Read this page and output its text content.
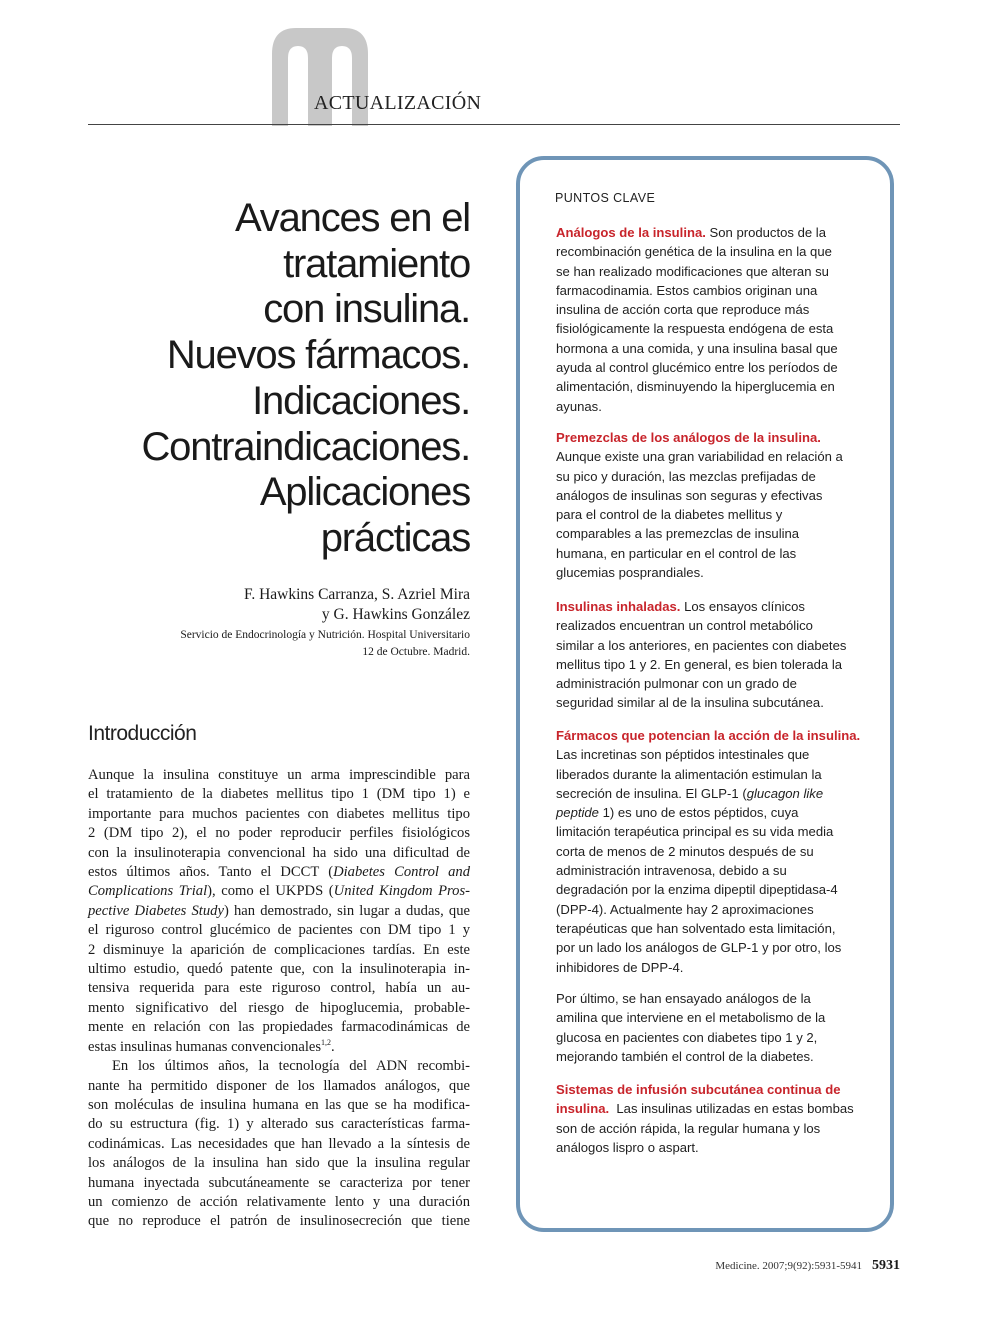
ACTUALIZACIÓN
Avances en el
tratamiento
con insulina.
Nuevos fármacos.
Indicaciones.
Contraindicaciones.
Aplicaciones
prácticas
F. Hawkins Carranza, S. Azriel Mira
y G. Hawkins González
Servicio de Endocrinología y Nutrición. Hospital Universitario
12 de Octubre. Madrid.
Introducción
Aunque la insulina constituye un arma imprescindible para
el tratamiento de la diabetes mellitus tipo 1 (DM tipo 1) e
importante para muchos pacientes con diabetes mellitus tipo
2 (DM tipo 2), el no poder reproducir perfiles fisiológicos
con la insulinoterapia convencional ha sido una dificultad de
estos últimos años. Tanto el DCCT (Diabetes Control and
Complications Trial), como el UKPDS (United Kingdom Pros-
pective Diabetes Study) han demostrado, sin lugar a dudas, que
el riguroso control glucémico de pacientes con DM tipo 1 y
2 disminuye la aparición de complicaciones tardías. En este
ultimo estudio, quedó patente que, con la insulinoterapia in-
tensiva requerida para este riguroso control, había un au-
mento significativo del riesgo de hipoglucemia, probable-
mente en relación con las propiedades farmacodinámicas de
estas insulinas humanas convencionales$^{1,2}$.
En los últimos años, la tecnología del ADN recombi-
nante ha permitido disponer de los llamados análogos, que
son moléculas de insulina humana en las que se ha modifica-
do su estructura (fig. 1) y alterado sus características farma-
codinámicas. Las necesidades que han llevado a la síntesis de
los análogos de la insulina han sido que la insulina regular
humana inyectada subcutáneamente se caracteriza por tener
un comienzo de acción relativamente lento y una duración
que no reproduce el patrón de insulinosecreción que tiene
PUNTOS CLAVE
Análogos de la insulina. Son productos de la
recombinación genética de la insulina en la que
se han realizado modificaciones que alteran su
farmacodinamia. Estos cambios originan una
insulina de acción corta que reproduce más
fisiológicamente la respuesta endógena de esta
hormona a una comida, y una insulina basal que
ayuda al control glucémico entre los períodos de
alimentación, disminuyendo la hiperglucemia en
ayunas.
Premezclas de los análogos de la insulina.
Aunque existe una gran variabilidad en relación a
su pico y duración, las mezclas prefijadas de
análogos de insulinas son seguras y efectivas
para el control de la diabetes mellitus y
comparables a las premezclas de insulina
humana, en particular en el control de las
glucemias posprandiales.
Insulinas inhaladas. Los ensayos clínicos
realizados encuentran un control metabólico
similar a los anteriores, en pacientes con diabetes
mellitus tipo 1 y 2. En general, es bien tolerada la
administración pulmonar con un grado de
seguridad similar al de la insulina subcutánea.
Fármacos que potencian la acción de la insulina.
Las incretinas son péptidos intestinales que
liberados durante la alimentación estimulan la
secreción de insulina. El GLP-1 (glucagon like
peptide 1) es uno de estos péptidos, cuya
limitación terapéutica principal es su vida media
corta de menos de 2 minutos después de su
administración intravenosa, debido a su
degradación por la enzima dipeptil dipeptidasa-4
(DPP-4). Actualmente hay 2 aproximaciones
terapéuticas que han solventado esta limitación,
por un lado los análogos de GLP-1 y por otro, los
inhibidores de DPP-4.
Por último, se han ensayado análogos de la
amilina que interviene en el metabolismo de la
glucosa en pacientes con diabetes tipo 1 y 2,
mejorando también el control de la diabetes.
Sistemas de infusión subcutánea continua de
insulina.  Las insulinas utilizadas en estas bombas
son de acción rápida, la regular humana y los
análogos lispro o aspart.
Medicine. 2007;9(92):5931-5941 5931
